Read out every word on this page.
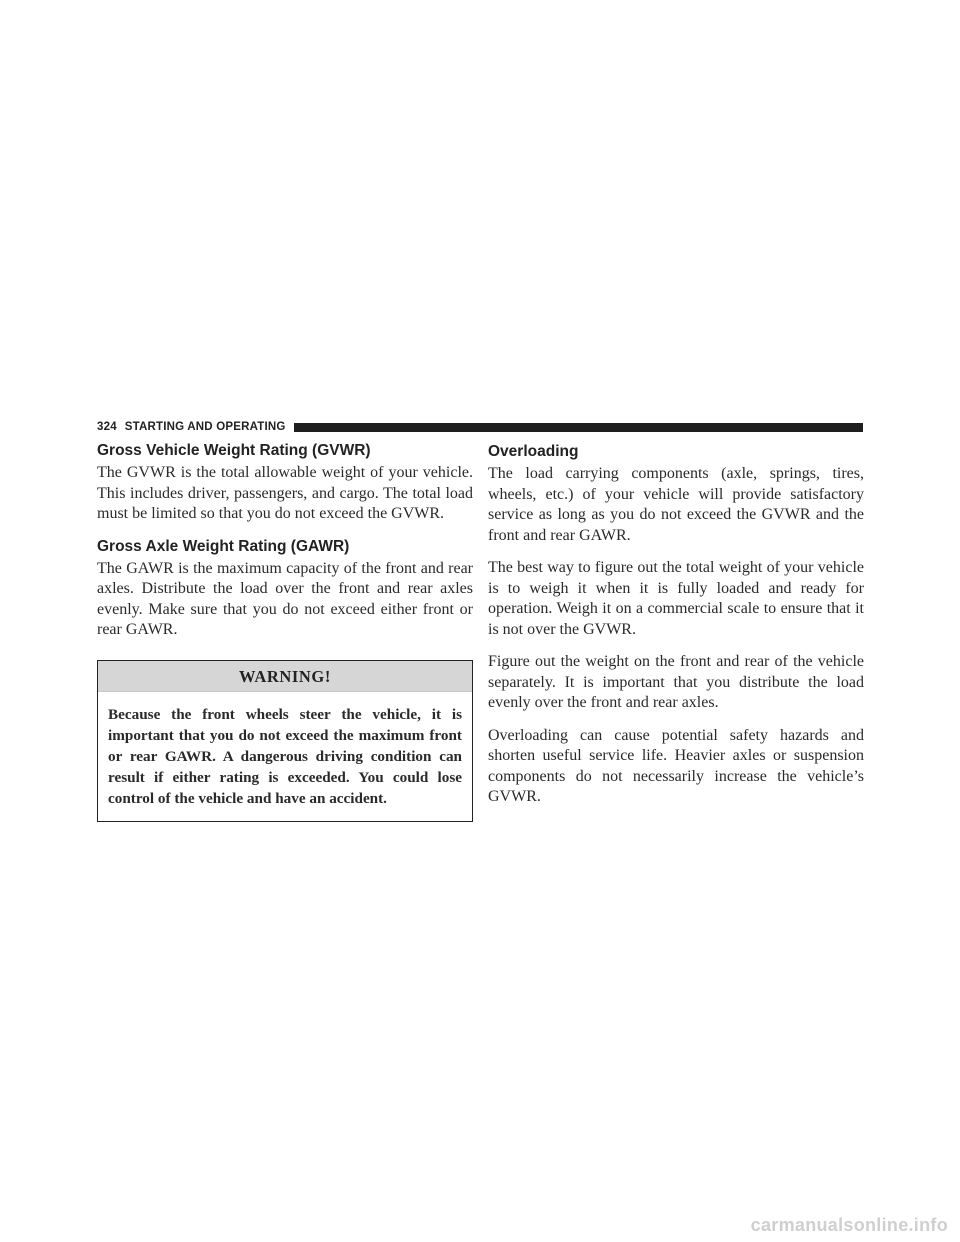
324 STARTING AND OPERATING
Gross Vehicle Weight Rating (GVWR)

The GVWR is the total allowable weight of your vehicle. This includes driver, passengers, and cargo. The total load must be limited so that you do not exceed the GVWR.

Gross Axle Weight Rating (GAWR)

The GAWR is the maximum capacity of the front and rear axles. Distribute the load over the front and rear axles evenly. Make sure that you do not exceed either front or rear GAWR.

WARNING!

Because the front wheels steer the vehicle, it is important that you do not exceed the maximum front or rear GAWR. A dangerous driving condition can result if either rating is exceeded. You could lose control of the vehicle and have an accident.

Overloading

The load carrying components (axle, springs, tires, wheels, etc.) of your vehicle will provide satisfactory service as long as you do not exceed the GVWR and the front and rear GAWR.

The best way to figure out the total weight of your vehicle is to weigh it when it is fully loaded and ready for operation. Weigh it on a commercial scale to ensure that it is not over the GVWR.

Figure out the weight on the front and rear of the vehicle separately. It is important that you distribute the load evenly over the front and rear axles.

Overloading can cause potential safety hazards and shorten useful service life. Heavier axles or suspension components do not necessarily increase the vehicle’s GVWR.

carmanualsonline.info
